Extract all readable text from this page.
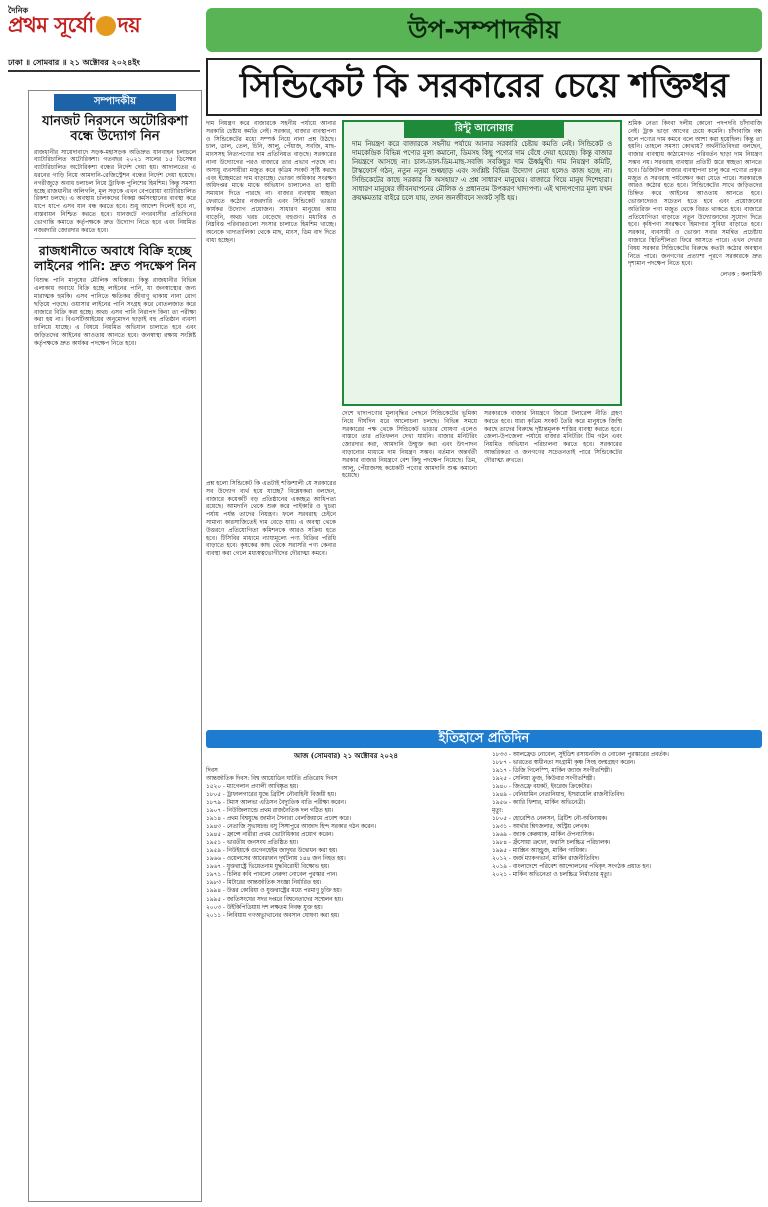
দৈনিক
প্রথম সূর্যো দয়
ঢাকা ॥ সোমবার ॥ ২১ অক্টোবর ২০২৪ইং
উপ-সম্পাদকীয়
সিন্ডিকেট কি সরকারের চেয়ে শক্তিধর
সম্পাদকীয়
যানজট নিরসনে অটোরিকশা বন্ধে উদ্যোগ নিন
রাজধানীর সায়েদাবাদে সড়ক-মহাসড়ক অতিদ্রুত যানবাহন চলাচলে ব্যাটারিচালিত অটোরিকশা। গতবছর ২০২১ সালের ১৫ ডিসেম্বর ব্যাটারিচালিত অটোরিকশা বন্ধের নির্দেশ দেয়া হয়। আদালতের এ ধরনের গাড়ি নিয়ে আমদানি-রেজিস্ট্রেশন বন্ধের নির্দেশ দেয়া হয়েছে। নগরীজুড়ে অবাধ চলাচল নিয়ে ট্রাফিক পুলিশের হিমশিম। কিন্তু সমস্যা হচ্ছে রাজধানীর অলিগলি, মূল সড়কে এখন বেপরোয়া ব্যাটারিচালিত রিকশা চলছে। এ অবস্থায় চালকদের বিকল্প কর্মসংস্থানের ব্যবস্থা করে ধাপে ধাপে এসব যান বন্ধ করতে হবে। শুধু আদেশ দিলেই হবে না, বাস্তবায়ন নিশ্চিত করতে হবে। যানজটে নগরবাসীর প্রতিদিনের ভোগান্তি কমাতে কর্তৃপক্ষকে দ্রুত উদ্যোগ নিতে হবে এবং নিয়মিত নজরদারি জোরদার করতে হবে।
রাজধানীতে অবাধে বিক্রি হচ্ছে লাইনের পানি: দ্রুত পদক্ষেপ নিন
বিশুদ্ধ পানি মানুষের মৌলিক অধিকার। কিন্তু রাজধানীর বিভিন্ন এলাকায় অবাধে বিক্রি হচ্ছে লাইনের পানি, যা জনস্বাস্থ্যের জন্য মারাত্মক হুমকি। এসব পানিতে ক্ষতিকর জীবাণু থাকায় নানা রোগ ছড়িয়ে পড়ছে। ওয়াসার লাইনের পানি সংগ্রহ করে বোতলজাত করে বাজারে বিক্রি করা হচ্ছে। অথচ এসব পানি নিরাপদ কিনা তা পরীক্ষা করা হয় না। বিএসটিআইয়ের অনুমোদন ছাড়াই বহু প্রতিষ্ঠান ব্যবসা চালিয়ে যাচ্ছে। এ বিষয়ে নিয়মিত অভিযান চালাতে হবে এবং জড়িতদের আইনের আওতায় আনতে হবে। জনস্বাস্থ্য রক্ষায় সংশ্লিষ্ট কর্তৃপক্ষকে দ্রুত কার্যকর পদক্ষেপ নিতে হবে।
দাম নিয়ন্ত্রণ করে বাজারকে সহনীয় পর্যায়ে আনার সরকারি চেষ্টায় কমতি নেই। সরকার, বাজার ব্যবস্থাপনা ও সিন্ডিকেটের মধ্যে সম্পর্ক নিয়ে নানা প্রশ্ন উঠছে। চাল, ডাল, তেল, চিনি, আলু, পেঁয়াজ, সবজি, মাছ-মাংসসহ নিত্যপণ্যের দাম প্রতিনিয়ত বাড়ছে। সরকারের নানা উদ্যোগের পরও বাজারে তার প্রভাব পড়ছে না। অসাধু ব্যবসায়ীরা মজুত করে কৃত্রিম সংকট সৃষ্টি করছে এবং ইচ্ছেমতো দাম বাড়াচ্ছে। ভোক্তা অধিকার সংরক্ষণ অধিদপ্তর মাঝে মাঝে অভিযান চালালেও তা স্থায়ী সমাধান দিতে পারছে না। বাজার ব্যবস্থায় স্বচ্ছতা ফেরাতে কঠোর নজরদারি এবং সিন্ডিকেট ভাঙার কার্যকর উদ্যোগ প্রয়োজন। সাধারণ মানুষের আয় বাড়েনি, অথচ খরচ বেড়েছে বহুগুণ। মধ্যবিত্ত ও নিম্নবিত্ত পরিবারগুলো সংসার চালাতে হিমশিম খাচ্ছে। অনেকে খাদ্যতালিকা থেকে মাছ, মাংস, ডিম বাদ দিতে বাধ্য হচ্ছেন।
প্রশ্ন হলো সিন্ডিকেট কি এতটাই শক্তিশালী যে সরকারের সব উদ্যোগ ব্যর্থ হয়ে যাচ্ছে? বিশ্লেষকরা বলছেন, বাজারে কয়েকটি বড় প্রতিষ্ঠানের একচ্ছত্র আধিপত্য রয়েছে। আমদানি থেকে শুরু করে পাইকারি ও খুচরা পর্যায় পর্যন্ত তাদের নিয়ন্ত্রণ। ফলে সরবরাহ চেইনে সামান্য কারসাজিতেই দাম বেড়ে যায়। এ অবস্থা থেকে উত্তরণে প্রতিযোগিতা কমিশনকে আরও সক্রিয় হতে হবে। টিসিবির মাধ্যমে ন্যায্যমূল্যে পণ্য বিক্রির পরিধি বাড়াতে হবে। কৃষকের কাছ থেকে সরাসরি পণ্য কেনার ব্যবস্থা করা গেলে মধ্যস্বত্বভোগীদের দৌরাত্ম্য কমবে।
রিন্টু আনোয়ার
দাম নিয়ন্ত্রণ করে বাজারকে সহনীয় পর্যায়ে আনার সরকারি চেষ্টায় কমতি নেই। সিন্ডিকেট ও দামকেন্দ্রিক বিভিন্ন পণ্যের মূল্য কমানো, ডিমসহ কিছু পণ্যের দাম বেঁধে দেয়া হয়েছে। কিন্তু বাজার নিয়ন্ত্রণে আসছে না। চাল-ডাল-ডিম-মাছ-সবজি সবকিছুর দাম ঊর্ধ্বমুখী। দাম নিয়ন্ত্রণ কমিটি, টাস্কফোর্স গঠন, নতুন নতুন শুল্কছাড় এবং সংশ্লিষ্ট বিভিন্ন উদ্যোগ নেয়া হলেও কাজ হচ্ছে না। সিন্ডিকেটের কাছে সরকার কি অসহায়? এ প্রশ্ন সাধারণ মানুষের। বাজারে গিয়ে মানুষ দিশেহারা। সাধারণ মানুষের জীবনযাপনের মৌলিক ও প্রধানতম উপকরণ খাদ্যপণ্য। এই খাদ্যপণ্যের মূল্য যখন ক্রয়ক্ষমতার বাইরে চলে যায়, তখন জনজীবনে সংকট সৃষ্টি হয়।
দেশে খাদ্যপণ্যের মূল্যবৃদ্ধির পেছনে সিন্ডিকেটের ভূমিকা নিয়ে দীর্ঘদিন ধরে আলোচনা চলছে। বিভিন্ন সময়ে সরকারের পক্ষ থেকে সিন্ডিকেট ভাঙার ঘোষণা এলেও বাস্তবে তার প্রতিফলন দেখা যায়নি। বাজার মনিটরিং জোরদার করা, আমদানি উন্মুক্ত করা এবং উৎপাদন বাড়ানোর মাধ্যমে দাম নিয়ন্ত্রণ সম্ভব। বর্তমান অন্তর্বর্তী সরকার বাজার নিয়ন্ত্রণে বেশ কিছু পদক্ষেপ নিয়েছে। ডিম, আলু, পেঁয়াজসহ কয়েকটি পণ্যের আমদানি শুল্ক কমানো হয়েছে।
সরকারকে বাজার নিয়ন্ত্রণে জিরো টলারেন্স নীতি গ্রহণ করতে হবে। যারা কৃত্রিম সংকট তৈরি করে মানুষকে জিম্মি করছে তাদের বিরুদ্ধে দৃষ্টান্তমূলক শাস্তির ব্যবস্থা করতে হবে। জেলা-উপজেলা পর্যায়ে বাজার মনিটরিং টিম গঠন এবং নিয়মিত অভিযান পরিচালনা করতে হবে। সরকারের আন্তরিকতা ও জনগণের সচেতনতাই পারে সিন্ডিকেটের দৌরাত্ম্য রুখতে।
শ্রমিক নেতা কিংবা দলীয় কোনো পদপদবি চাঁদাবাজি নেই। ট্রাক ভাড়া আগের চেয়ে কমেনি। চাঁদাবাজি বন্ধ হলে পণ্যের দাম কমবে বলে আশা করা হয়েছিল। কিন্তু তা হয়নি। তাহলে সমস্যা কোথায়? অর্থনীতিবিদরা বলছেন, বাজার ব্যবস্থায় কাঠামোগত পরিবর্তন ছাড়া দাম নিয়ন্ত্রণ সম্ভব নয়। সরবরাহ ব্যবস্থার প্রতিটি স্তরে স্বচ্ছতা আনতে হবে। ডিজিটাল বাজার ব্যবস্থাপনা চালু করে পণ্যের প্রকৃত মজুত ও সরবরাহ পর্যবেক্ষণ করা যেতে পারে। সরকারকে আরও কঠোর হতে হবে। সিন্ডিকেটের সাথে জড়িতদের চিহ্নিত করে আইনের আওতায় আনতে হবে। ভোক্তাদেরও সচেতন হতে হবে এবং প্রয়োজনের অতিরিক্ত পণ্য মজুত থেকে বিরত থাকতে হবে। বাজারে প্রতিযোগিতা বাড়াতে নতুন উদ্যোক্তাদের সুযোগ দিতে হবে। কৃষিপণ্য সংরক্ষণে হিমাগার সুবিধা বাড়াতে হবে। সরকার, ব্যবসায়ী ও ভোক্তা সবার সমন্বিত প্রচেষ্টায় বাজারে স্থিতিশীলতা ফিরে আসতে পারে। এখন দেখার বিষয় সরকার সিন্ডিকেটের বিরুদ্ধে কতটা কঠোর অবস্থান নিতে পারে। জনগণের প্রত্যাশা পূরণে সরকারকে দ্রুত দৃশ্যমান পদক্ষেপ নিতে হবে।
লেখক : কলামিস্ট
ইতিহাসে প্রতিদিন
আজ (সোমবার) ২১ অক্টোবর ২০২৪
দিবস
আন্তর্জাতিক দিবস: বিশ্ব আয়োডিন ঘাটতি প্রতিরোধ দিবস
১৫২০ - ম্যাগেলান প্রণালী আবিষ্কৃত হয়।
১৮০৫ - ট্রাফালগারের যুদ্ধে ব্রিটিশ নৌবাহিনী বিজয়ী হয়।
১৮৭৯ - টমাস আলভা এডিসন বৈদ্যুতিক বাতি পরীক্ষা করেন।
১৯০৭ - নিউজিল্যান্ডে প্রথম রাজনৈতিক দল গঠিত হয়।
১৯১৪ - প্রথম বিশ্বযুদ্ধে জার্মান সৈন্যরা বেলজিয়ামে প্রবেশ করে।
১৯৪৩ - নেতাজি সুভাষচন্দ্র বসু সিঙ্গাপুরে আজাদ হিন্দ সরকার গঠন করেন।
১৯৪৫ - ফ্রান্সে নারীরা প্রথম ভোটাধিকার প্রয়োগ করেন।
১৯৫১ - ভারতীয় জনসংঘ প্রতিষ্ঠিত হয়।
১৯৫৯ - নিউইয়র্কে গুগেনহেইম জাদুঘর উদ্বোধন করা হয়।
১৯৬৬ - ওয়েলসের আবেরফান দুর্ঘটনায় ১৪৪ জন নিহত হয়।
১৯৬৭ - যুক্তরাষ্ট্রে ভিয়েতনাম যুদ্ধবিরোধী বিক্ষোভ হয়।
১৯৭১ - চিলির কবি পাবলো নেরুদা নোবেল পুরস্কার পান।
১৯৮৩ - মিটারের আন্তর্জাতিক সংজ্ঞা নির্ধারিত হয়।
১৯৯৪ - উত্তর কোরিয়া ও যুক্তরাষ্ট্রের মধ্যে পরমাণু চুক্তি হয়।
১৯৯৫ - জাতিসংঘের সদর দপ্তরে বিশ্বনেতাদের সম্মেলন হয়।
২০০৩ - উইকিপিডিয়ায় দশ লক্ষতম নিবন্ধ যুক্ত হয়।
২০১১ - লিবিয়ায় গণঅভ্যুত্থানের অবসান ঘোষণা করা হয়।
১৮৩৩ - আলফ্রেড নোবেল, সুইডিশ রসায়নবিদ ও নোবেল পুরস্কারের প্রবর্তক।
১৮৮৭ - ভারতের স্বাধীনতা সংগ্রামী কৃষ্ণ সিংহ জন্মগ্রহণ করেন।
১৯১৭ - ডিজি গিলেস্পি, মার্কিন জ্যাজ সংগীতশিল্পী।
১৯২৫ - সেলিয়া ক্রুজ, কিউবার সংগীতশিল্পী।
১৯৪০ - জিওফ্রে বয়কট, ইংরেজ ক্রিকেটার।
১৯৪৯ - বেনিয়ামিন নেতানিয়াহু, ইসরায়েলি রাজনীতিবিদ।
১৯৫৬ - ক্যারি ফিশার, মার্কিন অভিনেত্রী।
মৃত্যু:
১৮০৫ - হোরেশিও নেলসন, ব্রিটিশ নৌ-অধিনায়ক।
১৯৩১ - আর্থার শ্নিৎজলার, অস্ট্রিয় লেখক।
১৯৬৯ - জ্যাক কেরুয়াক, মার্কিন ঔপন্যাসিক।
১৯৮৪ - ফ্রঁসোয়া ত্রুফো, ফরাসি চলচ্চিত্র পরিচালক।
১৯৯৫ - ম্যাক্সিন অ্যান্ড্রুজ, মার্কিন গায়িকা।
২০১২ - জর্জ ম্যাকগভার্ন, মার্কিন রাজনীতিবিদ।
২০১৯ - বাংলাদেশে পরিবেশ আন্দোলনের পথিকৃৎ সংগঠক প্রয়াত হন।
২০২১ - মার্কিন অভিনেতা ও চলচ্চিত্র নির্মাতার মৃত্যু।
